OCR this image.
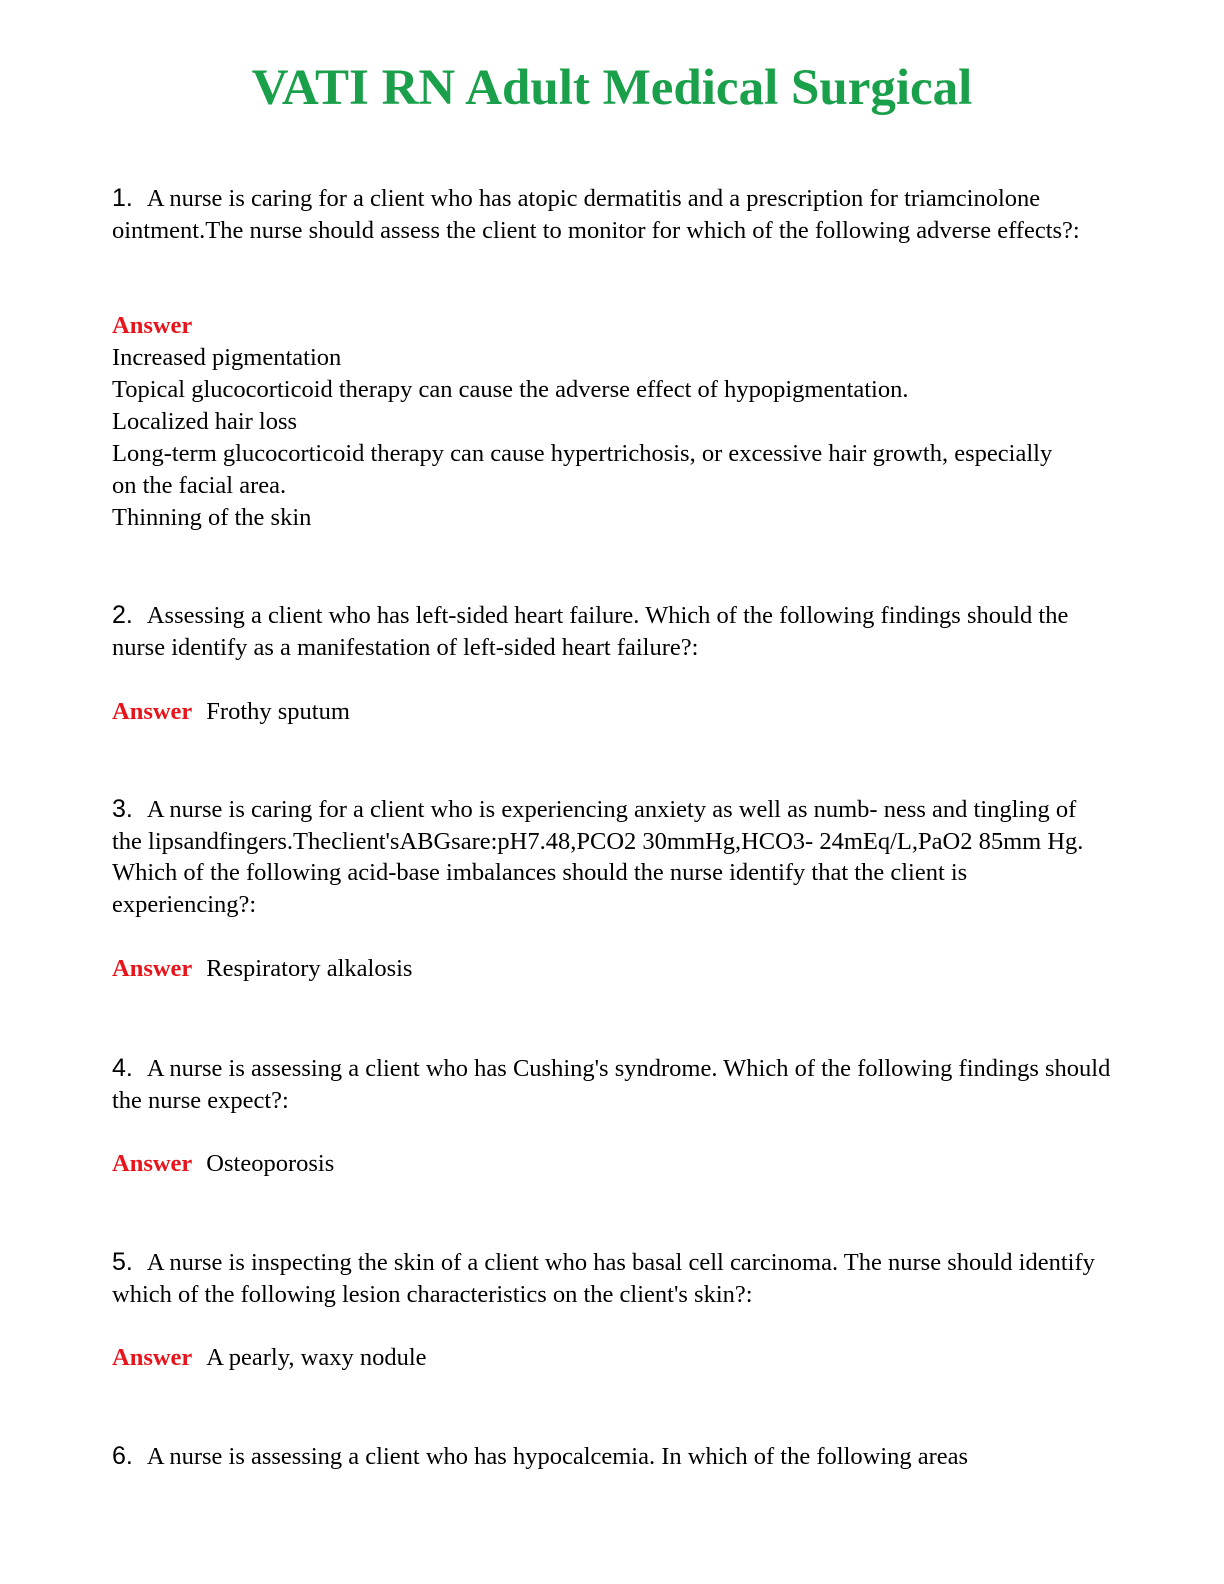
VATI RN Adult Medical Surgical

1. A nurse is caring for a client who has atopic dermatitis and a prescription for triamcinolone ointment.The nurse should assess the client to monitor for which of the following adverse effects?:

Answer
Increased pigmentation
Topical glucocorticoid therapy can cause the adverse effect of hypopigmentation.
Localized hair loss
Long-term glucocorticoid therapy can cause hypertrichosis, or excessive hair growth, especially on the facial area.
Thinning of the skin

2. Assessing a client who has left-sided heart failure. Which of the following findings should the nurse identify as a manifestation of left-sided heart failure?:

Answer Frothy sputum

3. A nurse is caring for a client who is experiencing anxiety as well as numb- ness and tingling of the lipsandfingers.Theclient'sABGsare:pH7.48,PCO2 30mmHg,HCO3- 24mEq/L,PaO2 85mm Hg. Which of the following acid-base imbalances should the nurse identify that the client is experiencing?:

Answer Respiratory alkalosis

4. A nurse is assessing a client who has Cushing's syndrome. Which of the following findings should the nurse expect?:

Answer Osteoporosis

5. A nurse is inspecting the skin of a client who has basal cell carcinoma. The nurse should identify which of the following lesion characteristics on the client's skin?:

Answer A pearly, waxy nodule

6. A nurse is assessing a client who has hypocalcemia. In which of the following areas
